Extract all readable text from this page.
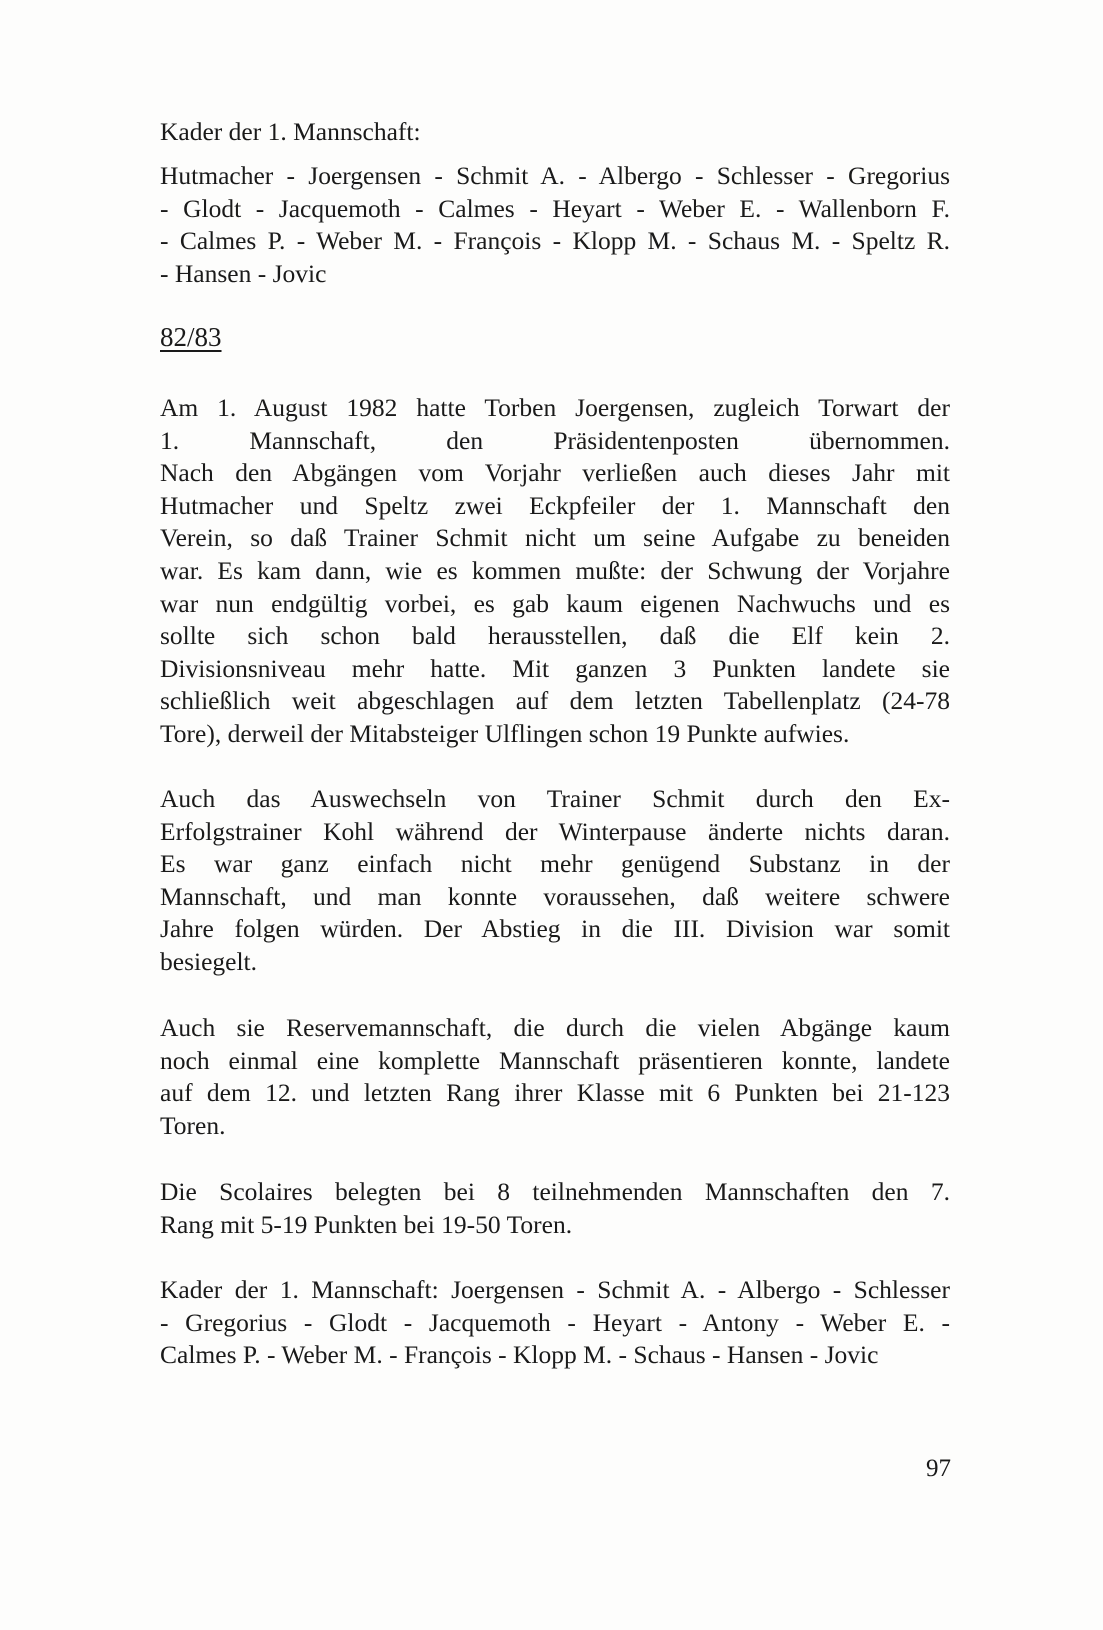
Kader der 1. Mannschaft:
Hutmacher - Joergensen - Schmit A. - Albergo - Schlesser - Gregorius
- Glodt - Jacquemoth - Calmes - Heyart - Weber E. - Wallenborn F.
- Calmes P. - Weber M. - François - Klopp M. - Schaus M. - Speltz R.
- Hansen - Jovic
Am 1. August 1982 hatte Torben Joergensen, zugleich Torwart der
1. Mannschaft, den Präsidentenposten übernommen.
Nach den Abgängen vom Vorjahr verließen auch dieses Jahr mit
Hutmacher und Speltz zwei Eckpfeiler der 1. Mannschaft den
Verein, so daß Trainer Schmit nicht um seine Aufgabe zu beneiden
war. Es kam dann, wie es kommen mußte: der Schwung der Vorjahre
war nun endgültig vorbei, es gab kaum eigenen Nachwuchs und es
sollte sich schon bald herausstellen, daß die Elf kein 2.
Divisionsniveau mehr hatte. Mit ganzen 3 Punkten landete sie
schließlich weit abgeschlagen auf dem letzten Tabellenplatz (24-78
Tore), derweil der Mitabsteiger Ulflingen schon 19 Punkte aufwies.
Auch das Auswechseln von Trainer Schmit durch den Ex-
Erfolgstrainer Kohl während der Winterpause änderte nichts daran.
Es war ganz einfach nicht mehr genügend Substanz in der
Mannschaft, und man konnte voraussehen, daß weitere schwere
Jahre folgen würden. Der Abstieg in die III. Division war somit
besiegelt.
Auch sie Reservemannschaft, die durch die vielen Abgänge kaum
noch einmal eine komplette Mannschaft präsentieren konnte, landete
auf dem 12. und letzten Rang ihrer Klasse mit 6 Punkten bei 21-123
Toren.
Die Scolaires belegten bei 8 teilnehmenden Mannschaften den 7.
Rang mit 5-19 Punkten bei 19-50 Toren.
Kader der 1. Mannschaft: Joergensen - Schmit A. - Albergo - Schlesser
- Gregorius - Glodt - Jacquemoth - Heyart - Antony - Weber E. -
Calmes P. - Weber M. - François - Klopp M. - Schaus - Hansen - Jovic
82/83
97
